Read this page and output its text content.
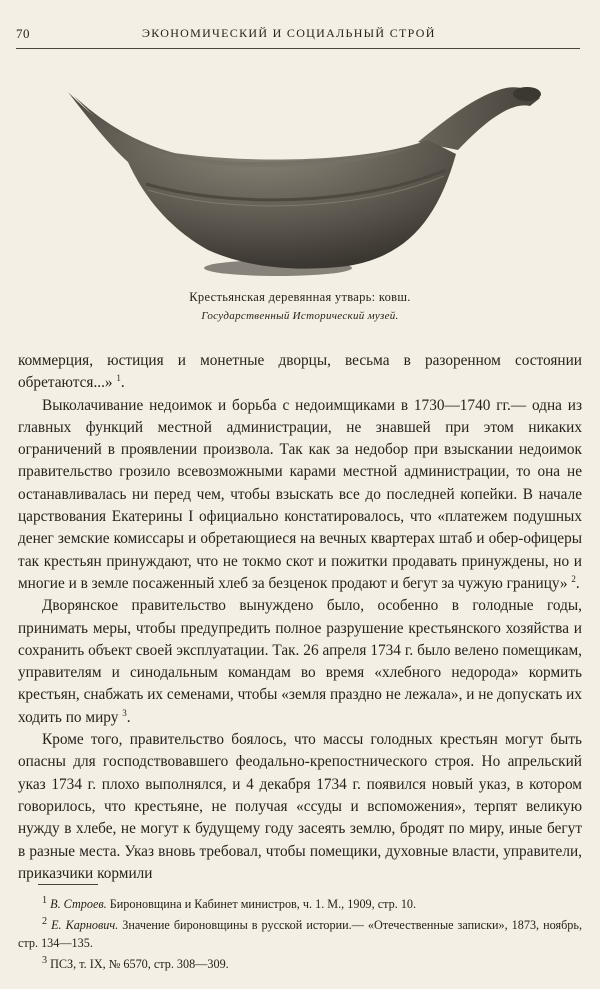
70	ЭКОНОМИЧЕСКИЙ И СОЦИАЛЬНЫЙ СТРОЙ
Крестьянская деревянная утварь: ковш.
Государственный Исторический музей.

коммерция, юстиция и монетные дворцы, весьма в разоренном состоянии обретаются...» $^1$.

Выколачивание недоимок и борьба с недоимщиками в 1730—1740 гг.— одна из главных функций местной администрации, не знавшей при этом никаких ограничений в проявлении произвола. Так как за недобор при взыскании недоимок правительство грозило всевозможными карами местной администрации, то она не останавливалась ни перед чем, чтобы взыскать все до последней копейки. В начале царствования Екатерины I официально констатировалось, что «платежем подушных денег земские комиссары и обретающиеся на вечных квартерах штаб и обер-офицеры так крестьян принуждают, что не токмо скот и пожитки продавать принуждены, но и многие и в земле посаженный хлеб за безценок продают и бегут за чужую границу» $^2$.

Дворянское правительство вынуждено было, особенно в голодные годы, принимать меры, чтобы предупредить полное разрушение крестьянского хозяйства и сохранить объект своей эксплуатации. Так. 26 апреля 1734 г. было велено помещикам, управителям и синодальным командам во время «хлебного недорода» кормить крестьян, снабжать их семенами, чтобы «земля праздно не лежала», и не допускать их ходить по миру $^3$.

Кроме того, правительство боялось, что массы голодных крестьян могут быть опасны для господствовавшего феодально-крепостнического строя. Но апрельский указ 1734 г. плохо выполнялся, и 4 декабря 1734 г. появился новый указ, в котором говорилось, что крестьяне, не получая «ссуды и вспоможения», терпят великую нужду в хлебе, не могут к будущему году засеять землю, бродят по миру, иные бегут в разные места. Указ вновь требовал, чтобы помещики, духовные власти, управители, приказчики кормили

$^1$ В. Строев. Бироновщина и Кабинет министров, ч. 1. М., 1909, стр. 10.

$^2$ Е. Карнович. Значение бироновщины в русской истории.— «Отечественные записки», 1873, ноябрь, стр. 134—135.

$^3$ ПСЗ, т. IX, № 6570, стр. 308—309.
